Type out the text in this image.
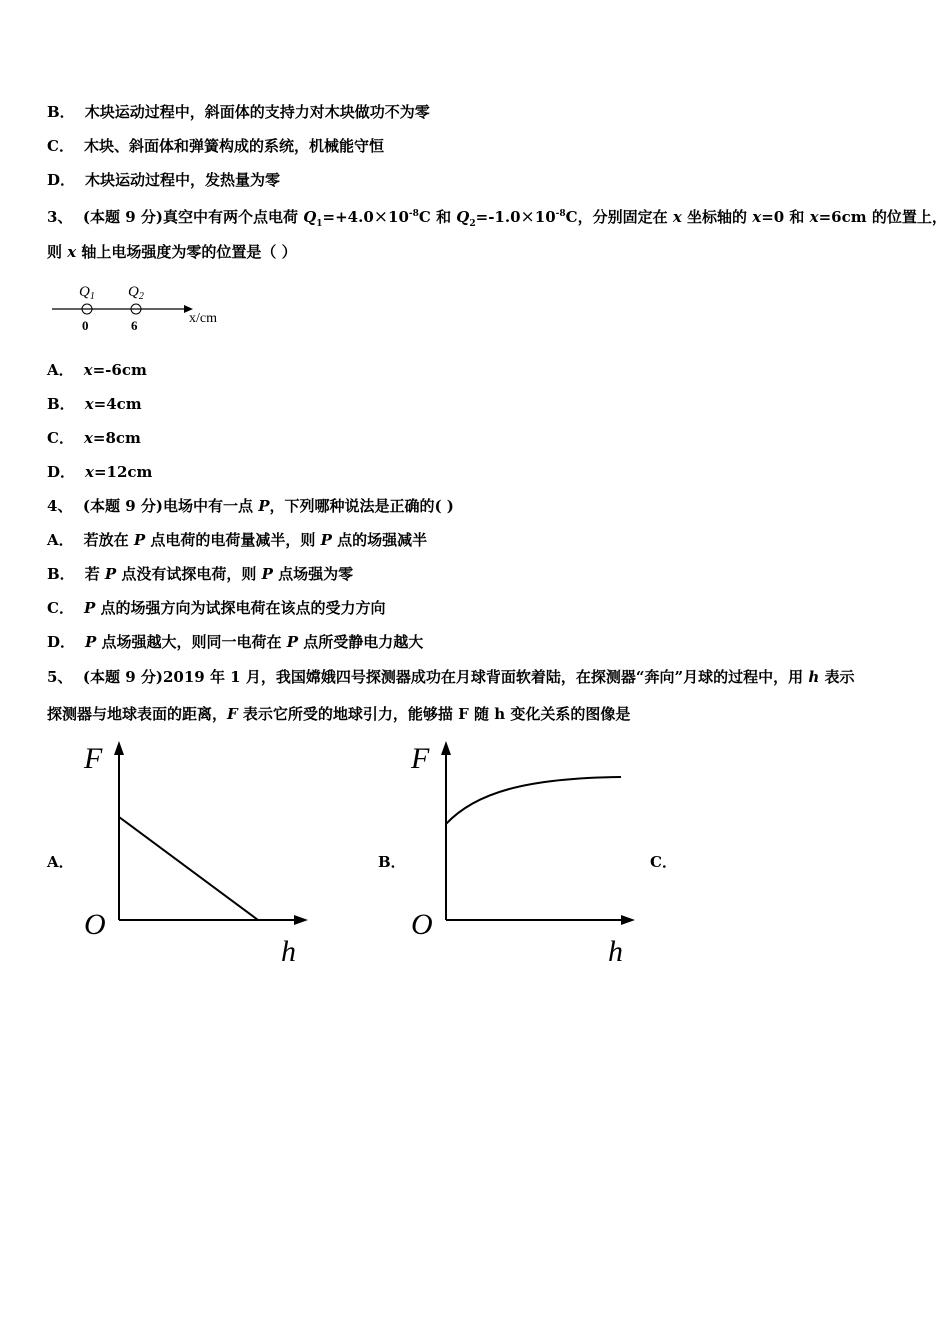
B． 木块运动过程中，斜面体的支持力对木块做功不为零
C． 木块、斜面体和弹簧构成的系统，机械能守恒
D． 木块运动过程中，发热量为零
3、 (本题 9 分)真空中有两个点电荷 $Q_1=+4.0\times 10^{-8}C$ 和 $Q_2=-1.0\times 10^{-8}C$，分别固定在 x 坐标轴的 x=0 和 x=6cm 的位置上，
则 x 轴上电场强度为零的位置是（ ）
$Q_1$ $Q_2$
0	6	x/cm
A． x=-6cm
B． x=4cm
C． x=8cm
D． x=12cm
4、 (本题 9 分)电场中有一点 P，下列哪种说法是正确的( )
A． 若放在 P 点电荷的电荷量减半，则 P 点的场强减半
B． 若 P 点没有试探电荷，则 P 点场强为零
C． P 点的场强方向为试探电荷在该点的受力方向
D． P 点场强越大，则同一电荷在 P 点所受静电力越大
5、 (本题 9 分)2019 年 1 月，我国嫦娥四号探测器成功在月球背面软着陆，在探测器“奔向”月球的过程中，用 h 表示
探测器与地球表面的距离，F 表示它所受的地球引力，能够描 F 随 h 变化关系的图像是
A．	B．	C．
F
O
h
F
O
h
